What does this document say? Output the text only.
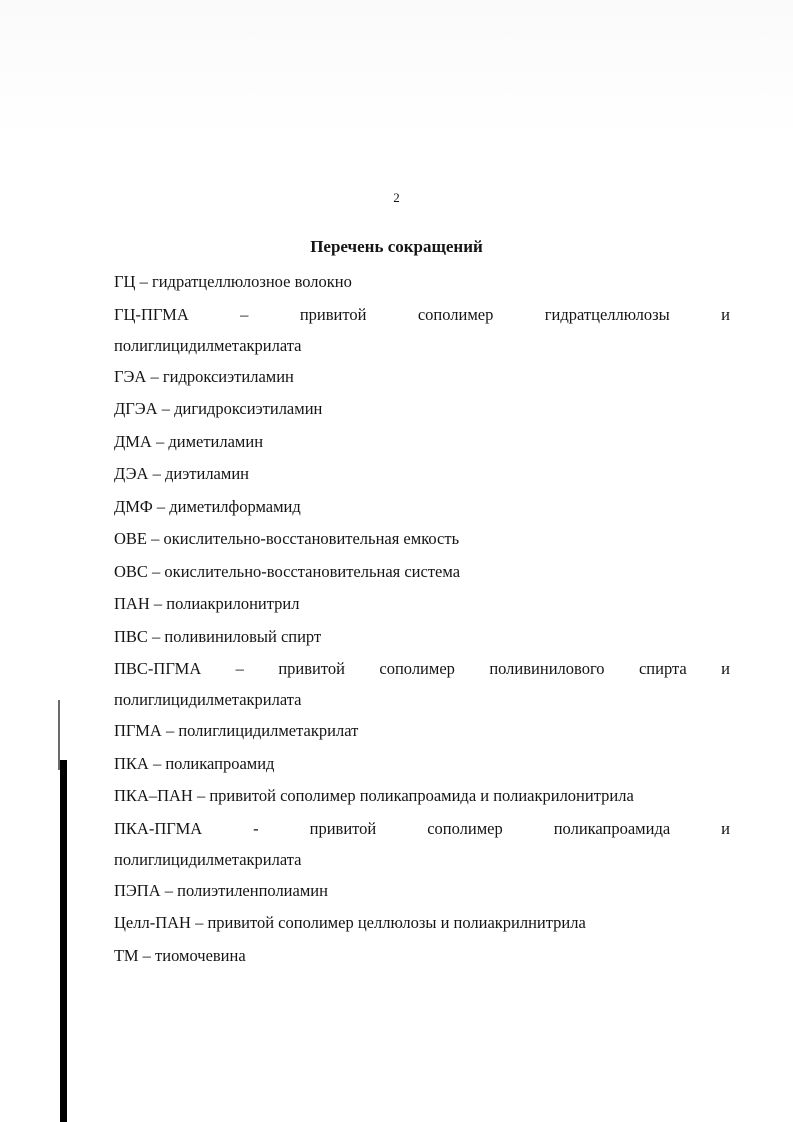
2
Перечень сокращений
ГЦ – гидратцеллюлозное волокно
ГЦ-ПГМА – привитой сополимер гидратцеллюлозы и
полиглицидилметакрилата
ГЭА – гидроксиэтиламин
ДГЭА – дигидроксиэтиламин
ДМА – диметиламин
ДЭА – диэтиламин
ДМФ – диметилформамид
ОВЕ – окислительно-восстановительная емкость
ОВС – окислительно-восстановительная система
ПАН – полиакрилонитрил
ПВС – поливиниловый спирт
ПВС-ПГМА – привитой сополимер поливинилового спирта и
полиглицидилметакрилата
ПГМА – полиглицидилметакрилат
ПКА – поликапроамид
ПКА–ПАН – привитой сополимер поликапроамида и полиакрилонитрила
ПКА-ПГМА - привитой сополимер поликапроамида и
полиглицидилметакрилата
ПЭПА – полиэтиленполиамин
Целл-ПАН – привитой сополимер целлюлозы и полиакрилнитрила
ТМ – тиомочевина
